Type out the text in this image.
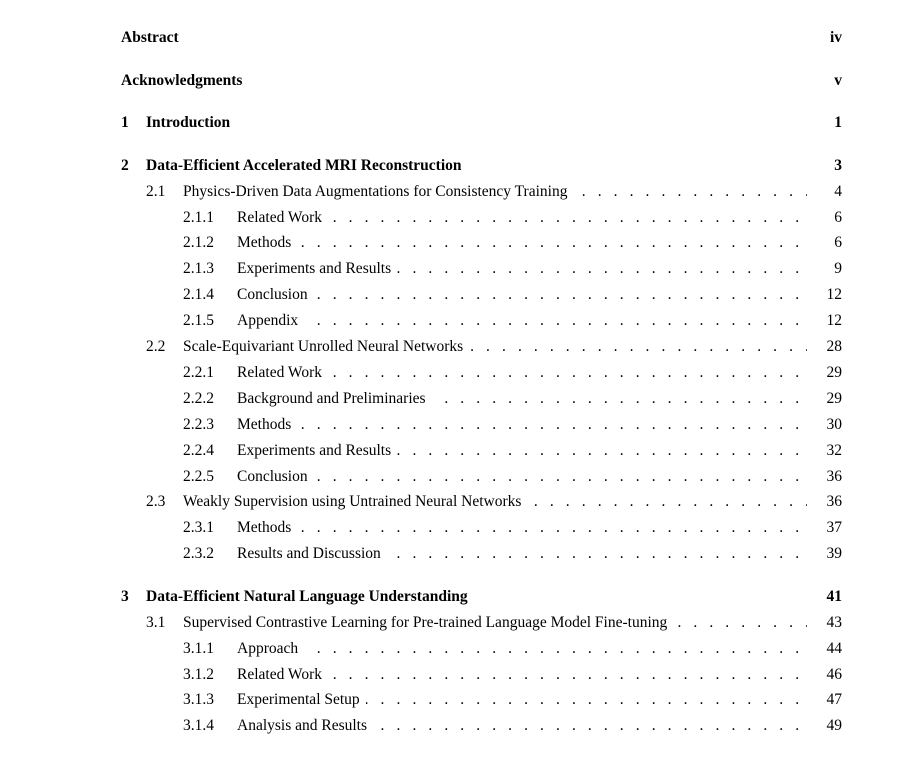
Abstract	iv
Acknowledgments	v
1 Introduction	1
2 Data-Efficient Accelerated MRI Reconstruction	3
2.1 . . . Physics-Driven Data Augmentations for Consistency Training	4
2.1.1 . . . Related Work	6
2.1.2 . . . Methods	6
2.1.3 . . . Experiments and Results	9
2.1.4 . . . Conclusion	12
2.1.5 . . . Appendix	12
2.2 . . . Scale-Equivariant Unrolled Neural Networks	28
2.2.1 . . . Related Work	29
2.2.2 . . . Background and Preliminaries	29
2.2.3 . . . Methods	30
2.2.4 . . . Experiments and Results	32
2.2.5 . . . Conclusion	36
2.3 . . . Weakly Supervision using Untrained Neural Networks	36
2.3.1 . . . Methods	37
2.3.2 . . . Results and Discussion	39
3 Data-Efficient Natural Language Understanding	41
3.1 . . . Supervised Contrastive Learning for Pre-trained Language Model Fine-tuning	43
3.1.1 . . . Approach	44
3.1.2 . . . Related Work	46
3.1.3 . . . Experimental Setup	47
3.1.4 . . . Analysis and Results	49
